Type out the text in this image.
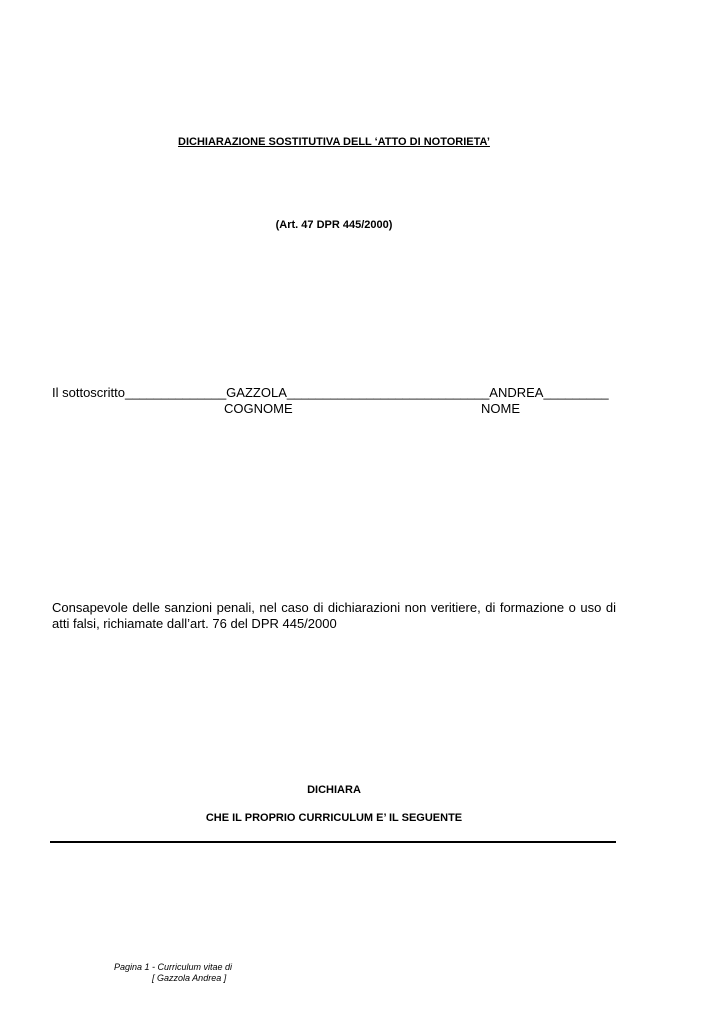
DICHIARAZIONE SOSTITUTIVA DELL ‘ATTO DI NOTORIETA’
(Art. 47 DPR 445/2000)
Il sottoscritto______________GAZZOLA____________________________ANDREA_________
COGNOME	NOME
Consapevole delle sanzioni penali, nel caso di dichiarazioni non veritiere, di formazione o uso di atti falsi, richiamate dall’art. 76 del DPR 445/2000
DICHIARA
CHE IL PROPRIO CURRICULUM E’ IL SEGUENTE
Pagina 1 - Curriculum vitae di
[ Gazzola Andrea ]
